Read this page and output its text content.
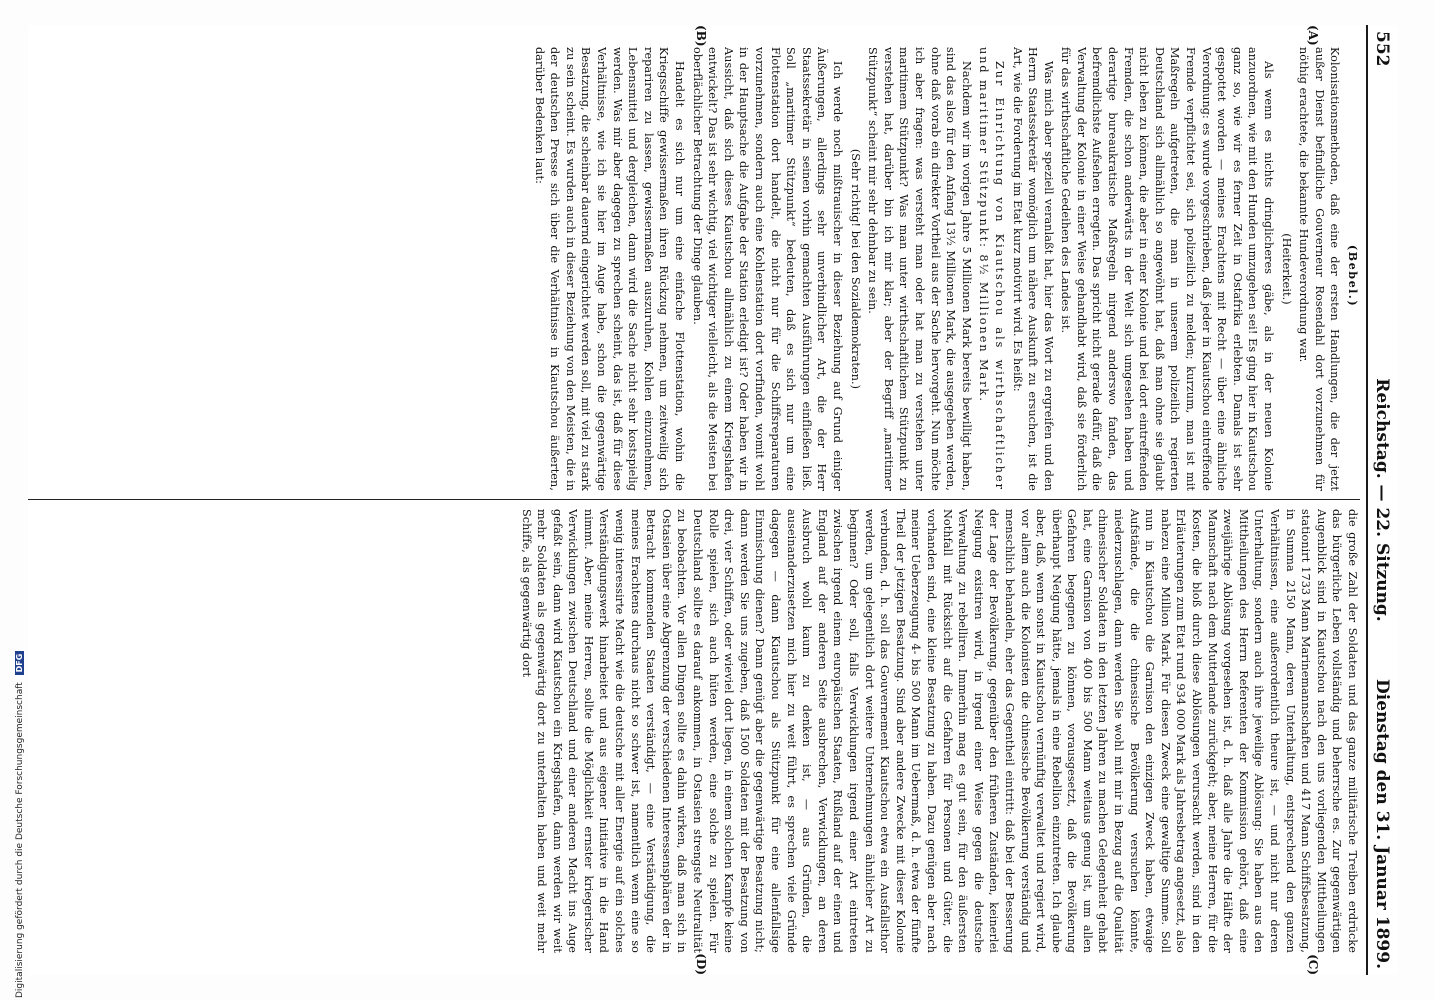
Digitalisierung gefördert durch die Deutsche Forschungsgemeinschaft DFG
552
Reichstag. — 22. Sitzung.
Dienstag den 31. Januar 1899.
(A)
(B)
(C)
(D)

(Bebel.)

Kolonisationsmethoden, daß eine der ersten Handlungen, die der jetzt außer Dienst befindliche Gouverneur Rosendahl dort vorzunehmen für nöthig erachtete, die bekannte Hundeverordnung war.

(Heiterkeit.)

Als wenn es nichts dringlicheres gäbe, als in der neuen Kolonie anzuordnen, wie mit den Hunden umzugehen sei! Es ging hier in Kiautschou ganz so, wie wir es ferner Zeit in Ostafrika erlebten. Damals ist sehr gespottet worden — meines Erachtens mit Recht — über eine ähnliche Verordnung: es wurde vorgeschrieben, daß jeder in Kiautschou eintreffende Fremde verpflichtet sei, sich polizeilich zu melden; kurzum, man ist mit Maßregeln aufgetreten, die man in unserem polizeilich regierten Deutschland sich allmählich so angewöhnt hat, daß man ohne sie glaubt nicht leben zu können, die aber in einer Kolonie und bei dort eintreffenden Fremden, die schon anderwärts in der Welt sich umgesehen haben und derartige bureaukratische Maßregeln nirgend anderswo fanden, das befremdlichste Aufsehen erregten. Das spricht nicht gerade dafür, daß die Verwaltung der Kolonie in einer Weise gehandhabt wird, daß sie förderlich für das wirthschaftliche Gedeihen des Landes ist.

Was mich aber speziell veranlaßt hat, hier das Wort zu ergreifen und den Herrn Staatssekretär womöglich um nähere Auskunft zu ersuchen, ist die Art, wie die Forderung im Etat kurz motivirt wird. Es heißt:

Zur Einrichtung von Kiautschou als wirthschaftlicher und maritimer Stützpunkt: 8½ Millionen Mark.

Nachdem wir im vorigen Jahre 5 Millionen Mark bereits bewilligt haben, sind das also für den Anfang 13½ Millionen Mark, die ausgegeben werden, ohne daß vorab ein direkter Vortheil aus der Sache hervorgeht. Nun möchte ich aber fragen: was versteht man oder hat man zu verstehen unter maritimem Stützpunkt? Was man unter wirthschaftlichem Stützpunkt zu verstehen hat, darüber bin ich mir klar; aber der Begriff „maritimer Stützpunkt“ scheint mir sehr dehnbar zu sein.

(Sehr richtig! bei den Sozialdemokraten.)

Ich werde noch mißtrauischer in dieser Beziehung auf Grund einiger Äußerungen, allerdings sehr unverbindlicher Art, die der Herr Staatssekretär in seinen vorhin gemachten Ausführungen einfließen ließ. Soll „maritimer Stützpunkt“ bedeuten, daß es sich nur um eine Flottenstation dort handelt, die nicht nur für die Schiffsreparaturen vorzunehmen, sondern auch eine Kohlenstation dort vorfinden, womit wohl in der Hauptsache die Aufgabe der Station erledigt ist? Oder haben wir in Aussicht, daß sich dieses Kiautschou allmählich zu einem Kriegshafen entwickelt? Das ist sehr wichtig, viel wichtiger vielleicht, als die Meisten bei oberflächlicher Betrachtung der Dinge glauben.

Handelt es sich nur um eine einfache Flottenstation, wohin die Kriegsschiffe gewissermaßen ihren Rückzug nehmen, um zeitweilig sich repariren zu lassen, gewissermaßen auszuruhen, Kohlen einzunehmen, Lebensmittel und dergleichen, dann wird die Sache nicht sehr kostspielig werden. Was mir aber dagegen zu sprechen scheint, das ist, daß für diese Verhältnisse, wie ich sie hier im Auge habe, schon die gegenwärtige Besatzung, die scheinbar dauernd eingerichtet werden soll, mit viel zu stark zu sein scheint. Es wurden auch in dieser Beziehung von den Meisten, die in der deutschen Presse sich über die Verhältnisse in Kiautschou äußerten, darüber Bedenken laut:

die große Zahl der Soldaten und das ganze militärische Treiben erdrücke das bürgerliche Leben vollständig und beherrsche es. Zur gegenwärtigen Augenblick sind in Kiautschou nach den uns vorliegenden Mittheilungen stationirt 1733 Mann Marinemannschaften und 417 Mann Schiffsbesatzung, in Summa 2150 Mann, deren Unterhaltung, entsprechend den ganzen Verhältnissen, eine außerordentlich theure ist, — und nicht nur deren Unterhaltung, sondern auch ihre jeweilige Ablösung: Sie haben aus den Mittheilungen des Herrn Referenten der Kommission gehört, daß eine zweijährige Ablösung vorgesehen ist, d. h. daß alle Jahre die Hälfte der Mannschaft nach dem Mutterlande zurückgeht; aber, meine Herren, für die Kosten, die bloß durch diese Ablösungen verursacht werden, sind in den Erläuterungen zum Etat rund 934 000 Mark als Jahresbetrag angesetzt, also nahezu eine Million Mark. Für diesen Zweck eine gewaltige Summe. Soll nun in Kiautschou die Garnison den einzigen Zweck haben, etwaige Aufstände, die die chinesische Bevölkerung versuchen könnte, niederzuschlagen, dann werden Sie wohl mit mir in Bezug auf die Qualität chinesischer Soldaten in den letzten Jahren zu machen Gelegenheit gehabt hat, eine Garnison von 400 bis 500 Mann weitaus genug ist, um allen Gefahren begegnen zu können, vorausgesetzt, daß die Bevölkerung überhaupt Neigung hätte, jemals in eine Rebellion einzutreten. Ich glaube aber, daß, wenn sonst in Kiautschou vernünftig verwaltet und regiert wird, vor allem auch die Kolonisten die chinesische Bevölkerung verständig und menschlich behandeln, eher das Gegentheil eintritt: daß bei der Besserung der Lage der Bevölkerung, gegenüber den früheren Zuständen, keinerlei Neigung existiren wird, in irgend einer Weise gegen die deutsche Verwaltung zu rebelliren. Immerhin mag es gut sein, für den äußersten Nothfall mit Rücksicht auf die Gefahren für Personen und Güter, die vorhanden sind, eine kleine Besatzung zu haben. Dazu genügen aber nach meiner Ueberzeugung 4- bis 500 Mann im Uebermaß, d. h. etwa der fünfte Theil der jetzigen Besatzung. Sind aber andere Zwecke mit dieser Kolonie verbunden, d. h. soll das Gouvernement Kiautschou etwa ein Ausfallsthor werden, um gelegentlich dort weitere Unternehmungen ähnlicher Art zu beginnen? Oder soll, falls Verwicklungen irgend einer Art eintreten zwischen irgend einem europäischen Staaten, Rußland auf der einen und England auf der anderen Seite ausbrechen, Verwicklungen, an deren Ausbruch wohl kaum zu denken ist, — aus Gründen, die auseinanderzusetzen mich hier zu weit führt, es sprechen viele Gründe dagegen — dann Kiautschou als Stützpunkt für eine allenfallsige Einmischung dienen? Dann genügt aber die gegenwärtige Besatzung nicht; dann werden Sie uns zugeben, daß 1500 Soldaten mit der Besatzung von drei, vier Schiffen, oder wieviel dort liegen, in einem solchen Kampfe keine Rolle spielen, sich auch hüten werden, eine solche zu spielen. Für Deutschland sollte es darauf ankommen, in Ostasien strengste Neutralität zu beobachten. Vor allen Dingen sollte es dahin wirken, daß man sich in Ostasien über eine Abgrenzung der verschiedenen Interessensphären der in Betracht kommenden Staaten verständigt, — eine Verständigung, die meines Erachtens durchaus nicht so schwer ist, namentlich wenn eine so wenig interessirte Macht wie die deutsche mit aller Energie auf ein solches Verständigungswerk hinarbeitet und aus eigener Initiative in die Hand nimmt. Aber, meine Herren, sollte die Möglichkeit ernster kriegerischer Verwicklungen zwischen Deutschland und einer anderen Macht ins Auge gefaßt sein, dann wird Kiautschou ein Kriegshafen, dann werden wir weit mehr Soldaten als gegenwärtig dort zu unterhalten haben und weit mehr Schiffe, als gegenwärtig dort
